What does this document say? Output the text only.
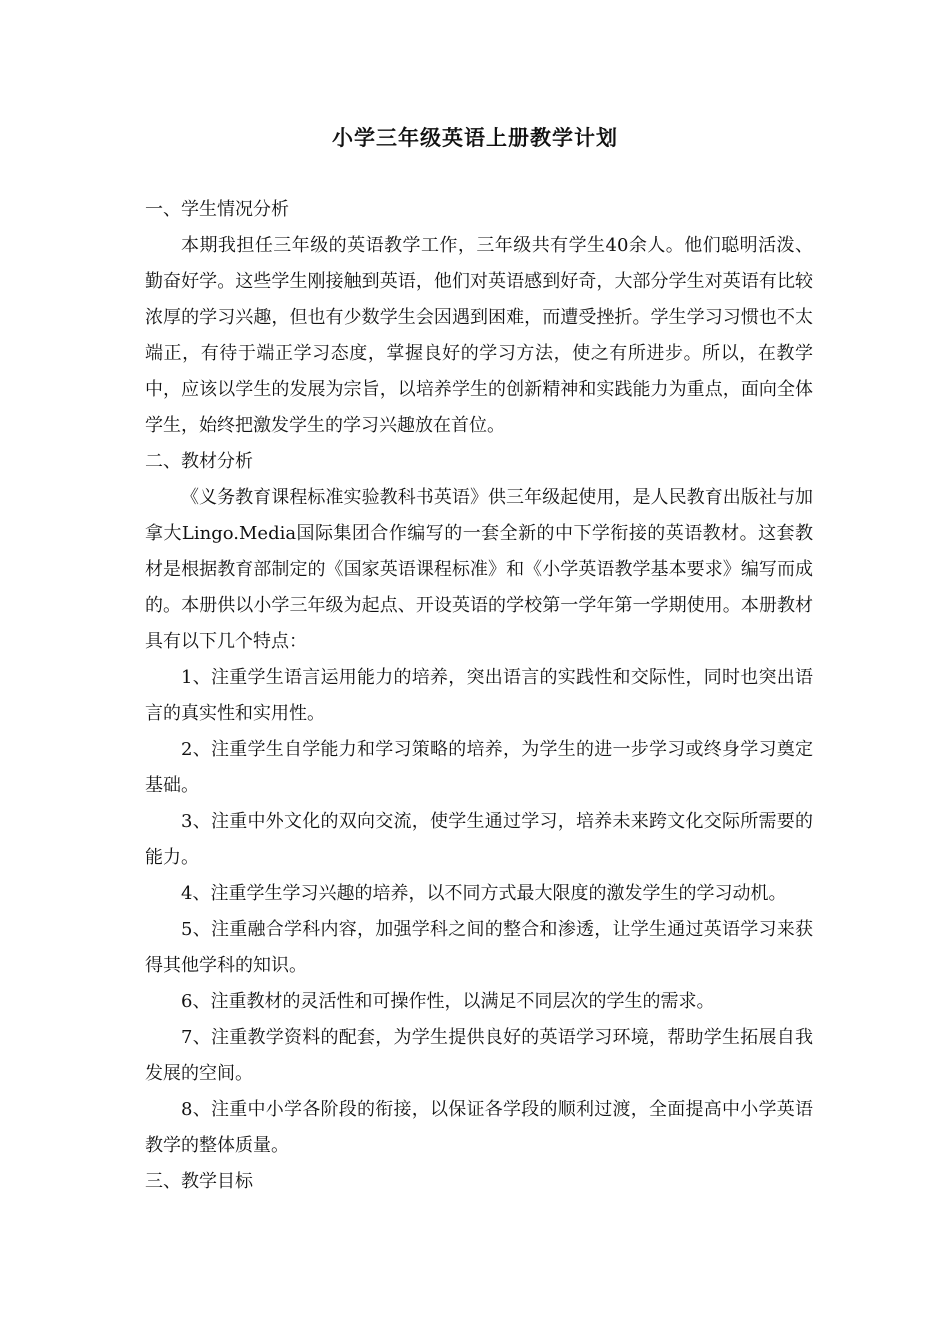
小学三年级英语上册教学计划

一、学生情况分析

本期我担任三年级的英语教学工作，三年级共有学生40余人。他们聪明活泼、勤奋好学。这些学生刚接触到英语，他们对英语感到好奇，大部分学生对英语有比较浓厚的学习兴趣，但也有少数学生会因遇到困难，而遭受挫折。学生学习习惯也不太端正，有待于端正学习态度，掌握良好的学习方法，使之有所进步。所以，在教学中，应该以学生的发展为宗旨，以培养学生的创新精神和实践能力为重点，面向全体学生，始终把激发学生的学习兴趣放在首位。

二、教材分析

《义务教育课程标准实验教科书英语》供三年级起使用，是人民教育出版社与加拿大Lingo.Media国际集团合作编写的一套全新的中下学衔接的英语教材。这套教材是根据教育部制定的《国家英语课程标准》和《小学英语教学基本要求》编写而成的。本册供以小学三年级为起点、开设英语的学校第一学年第一学期使用。本册教材具有以下几个特点：

1、注重学生语言运用能力的培养，突出语言的实践性和交际性，同时也突出语言的真实性和实用性。

2、注重学生自学能力和学习策略的培养，为学生的进一步学习或终身学习奠定基础。

3、注重中外文化的双向交流，使学生通过学习，培养未来跨文化交际所需要的能力。

4、注重学生学习兴趣的培养，以不同方式最大限度的激发学生的学习动机。

5、注重融合学科内容，加强学科之间的整合和渗透，让学生通过英语学习来获得其他学科的知识。

6、注重教材的灵活性和可操作性，以满足不同层次的学生的需求。

7、注重教学资料的配套，为学生提供良好的英语学习环境，帮助学生拓展自我发展的空间。

8、注重中小学各阶段的衔接，以保证各学段的顺利过渡，全面提高中小学英语教学的整体质量。

三、教学目标
